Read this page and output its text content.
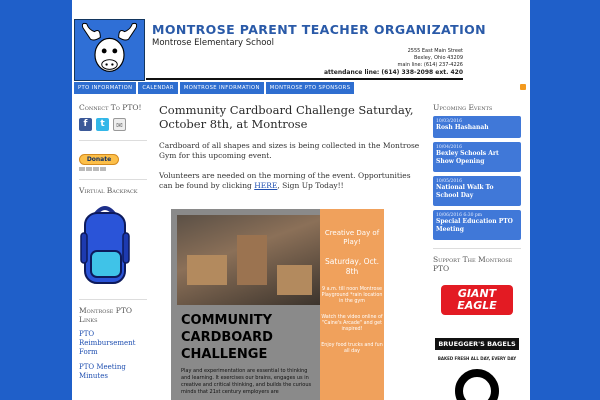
MONTROSE PARENT TEACHER ORGANIZATION
Montrose Elementary School
2555 East Main Street
Bexley, Ohio 43209
main line: (614) 237-4226
attendance line: (614) 338-2098 ext. 420
PTO INFORMATION	CALENDAR	MONTROSE INFORMATION	MONTROSE PTO SPONSORS
Connect To PTO!
f	t	✉
Donate
Virtual Backpack
Montrose PTO Links
PTO Reimbursement Form
PTO Meeting Minutes
Community Cardboard Challenge Saturday, October 8th, at Montrose
Cardboard of all shapes and sizes is being collected in the Montrose Gym for this upcoming event.
Volunteers are needed on the morning of the event. Opportunities can be found by clicking HERE, Sign Up Today!!
Creative Day of Play!
Saturday, Oct. 8th
9 a.m. till noon Montrose Playground *rain location in the gym
Watch the video online of "Caine's Arcade" and get inspired!
Enjoy food trucks and fun all day
COMMUNITY
CARDBOARD
CHALLENGE
Play and experimentation are essential to thinking and learning. It exercises our brains, engages us in creative and critical thinking, and builds the curious minds that 21st century employers are
Upcoming Events
10/03/2016
Rosh Hashanah
10/04/2016
Bexley Schools Art Show Opening
10/05/2016
National Walk To School Day
10/06/2016 6:30 pm
Special Education PTO Meeting
Support The Montrose PTO
GIANT EAGLE
BRUEGGER'S BAGELS
BAKED FRESH ALL DAY, EVERY DAY
